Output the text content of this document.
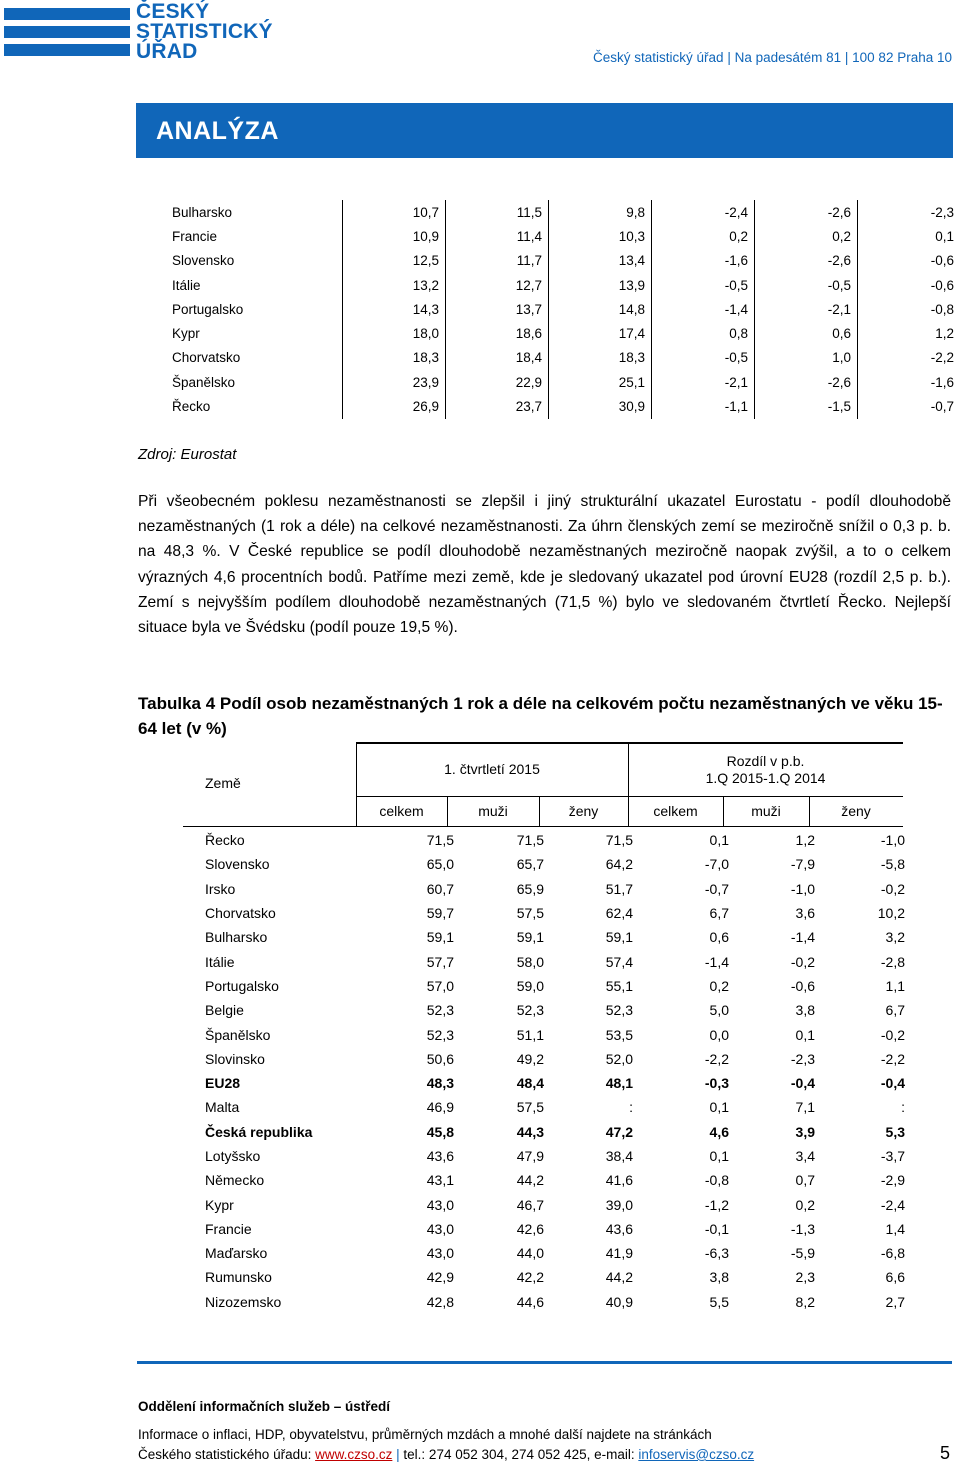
ČESKÝ
STATISTICKÝ
ÚŘAD	Český statistický úřad | Na padesátém 81 | 100 82 Praha 10
ANALÝZA
Bulharsko	10,7	11,5	9,8	-2,4	-2,6	-2,3
Francie	10,9	11,4	10,3	0,2	0,2	0,1
Slovensko	12,5	11,7	13,4	-1,6	-2,6	-0,6
Itálie	13,2	12,7	13,9	-0,5	-0,5	-0,6
Portugalsko	14,3	13,7	14,8	-1,4	-2,1	-0,8
Kypr	18,0	18,6	17,4	0,8	0,6	1,2
Chorvatsko	18,3	18,4	18,3	-0,5	1,0	-2,2
Španělsko	23,9	22,9	25,1	-2,1	-2,6	-1,6
Řecko	26,9	23,7	30,9	-1,1	-1,5	-0,7
Zdroj: Eurostat
Při všeobecném poklesu nezaměstnanosti se zlepšil i jiný strukturální ukazatel Eurostatu - podíl dlouhodobě nezaměstnaných (1 rok a déle) na celkové nezaměstnanosti. Za úhrn členských zemí se meziročně snížil o 0,3 p. b. na 48,3 %. V České republice se podíl dlouhodobě nezaměstnaných meziročně naopak zvýšil, a to o celkem výrazných 4,6 procentních bodů. Patříme mezi země, kde je sledovaný ukazatel pod úrovní EU28 (rozdíl 2,5 p. b.). Zemí s nejvyšším podílem dlouhodobě nezaměstnaných (71,5 %) bylo ve sledovaném čtvrtletí Řecko. Nejlepší situace byla ve Švédsku (podíl pouze 19,5 %).
Tabulka 4 Podíl osob nezaměstnaných 1 rok a déle na celkovém počtu nezaměstnaných ve věku 15-64 let (v %)
Země
1. čtvrtletí 2015	Rozdíl v p.b.
1.Q 2015-1.Q 2014
celkem	muži	ženy	celkem	muži	ženy
Řecko	71,5	71,5	71,5	0,1	1,2	-1,0
Slovensko	65,0	65,7	64,2	-7,0	-7,9	-5,8
Irsko	60,7	65,9	51,7	-0,7	-1,0	-0,2
Chorvatsko	59,7	57,5	62,4	6,7	3,6	10,2
Bulharsko	59,1	59,1	59,1	0,6	-1,4	3,2
Itálie	57,7	58,0	57,4	-1,4	-0,2	-2,8
Portugalsko	57,0	59,0	55,1	0,2	-0,6	1,1
Belgie	52,3	52,3	52,3	5,0	3,8	6,7
Španělsko	52,3	51,1	53,5	0,0	0,1	-0,2
Slovinsko	50,6	49,2	52,0	-2,2	-2,3	-2,2
EU28	48,3	48,4	48,1	-0,3	-0,4	-0,4
Malta	46,9	57,5	:	0,1	7,1	:
Česká republika	45,8	44,3	47,2	4,6	3,9	5,3
Lotyšsko	43,6	47,9	38,4	0,1	3,4	-3,7
Německo	43,1	44,2	41,6	-0,8	0,7	-2,9
Kypr	43,0	46,7	39,0	-1,2	0,2	-2,4
Francie	43,0	42,6	43,6	-0,1	-1,3	1,4
Maďarsko	43,0	44,0	41,9	-6,3	-5,9	-6,8
Rumunsko	42,9	42,2	44,2	3,8	2,3	6,6
Nizozemsko	42,8	44,6	40,9	5,5	8,2	2,7
Oddělení informačních služeb – ústředí
Informace o inflaci, HDP, obyvatelstvu, průměrných mzdách a mnohé další najdete na stránkách
Českého statistického úřadu: www.czso.cz | tel.: 274 052 304, 274 052 425, e-mail: infoservis@czso.cz	5
